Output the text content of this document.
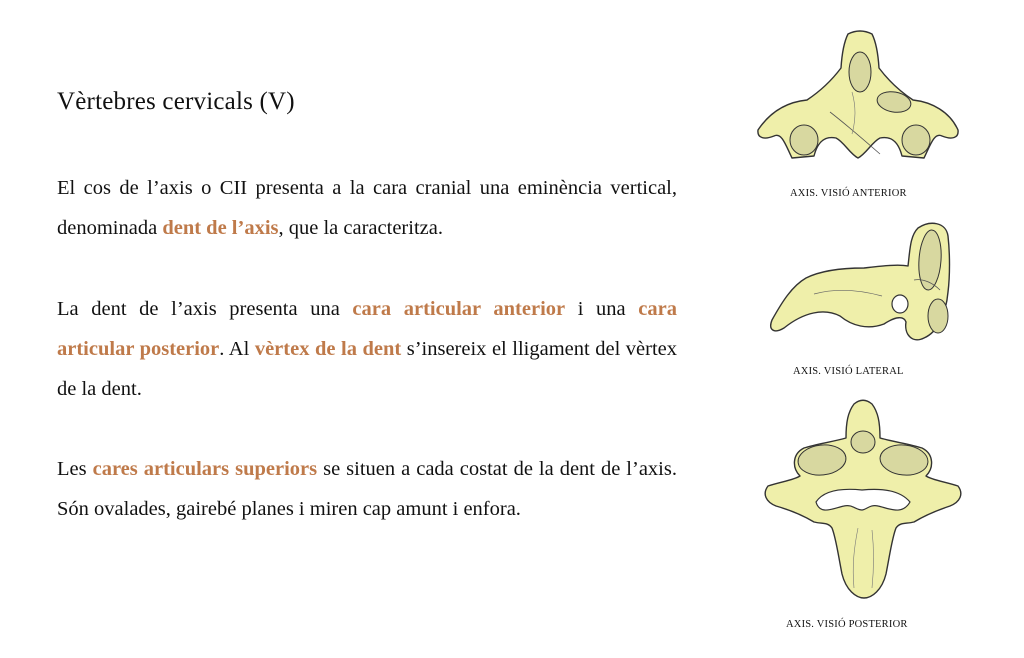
Vèrtebres cervicals (V)

El cos de l’axis o CII presenta a la cara cranial una eminència vertical, denominada dent de l’axis, que la caracteritza.

La dent de l’axis presenta una cara articular anterior i una cara articular posterior. Al vèrtex de la dent s’insereix el lligament del vèrtex de la dent.

Les cares articulars superiors se situen a cada costat de la dent de l’axis. Són ovalades, gairebé planes i miren cap amunt i enfora.

AXIS. VISIÓ ANTERIOR
AXIS. VISIÓ LATERAL
AXIS. VISIÓ POSTERIOR
